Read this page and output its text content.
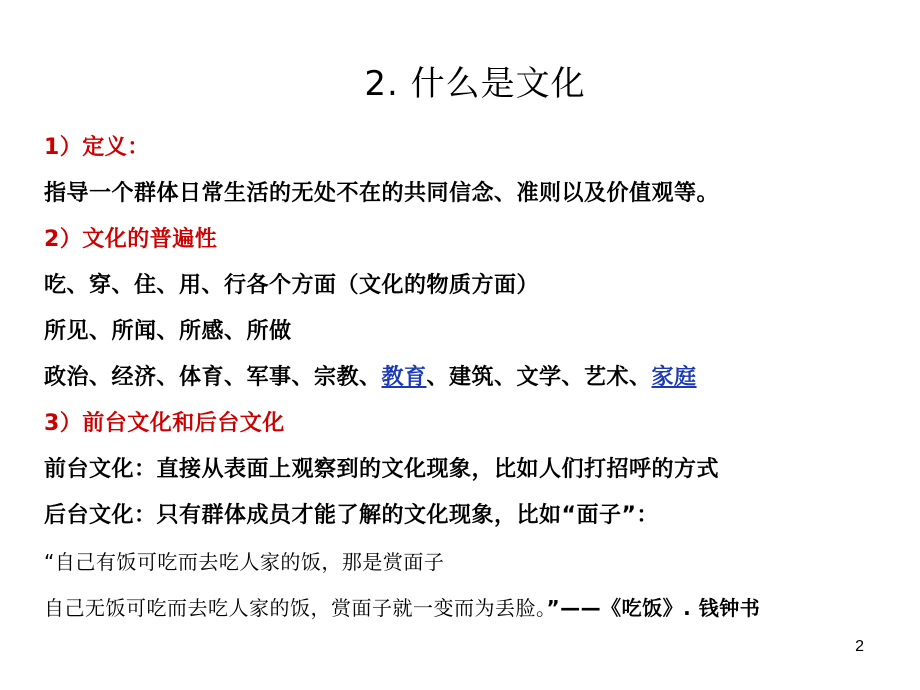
2. 什么是文化
1）定义：
指导一个群体日常生活的无处不在的共同信念、准则以及价值观等。
2）文化的普遍性
吃、穿、住、用、行各个方面（文化的物质方面）
所见、所闻、所感、所做
政治、经济、体育、军事、宗教、教育、建筑、文学、艺术、家庭
3）前台文化和后台文化
前台文化：直接从表面上观察到的文化现象，比如人们打招呼的方式
后台文化：只有群体成员才能了解的文化现象，比如“面子”：
“自己有饭可吃而去吃人家的饭，那是赏面子
自己无饭可吃而去吃人家的饭，赏面子就一变而为丢脸。”——《吃饭》. 钱钟书
2
